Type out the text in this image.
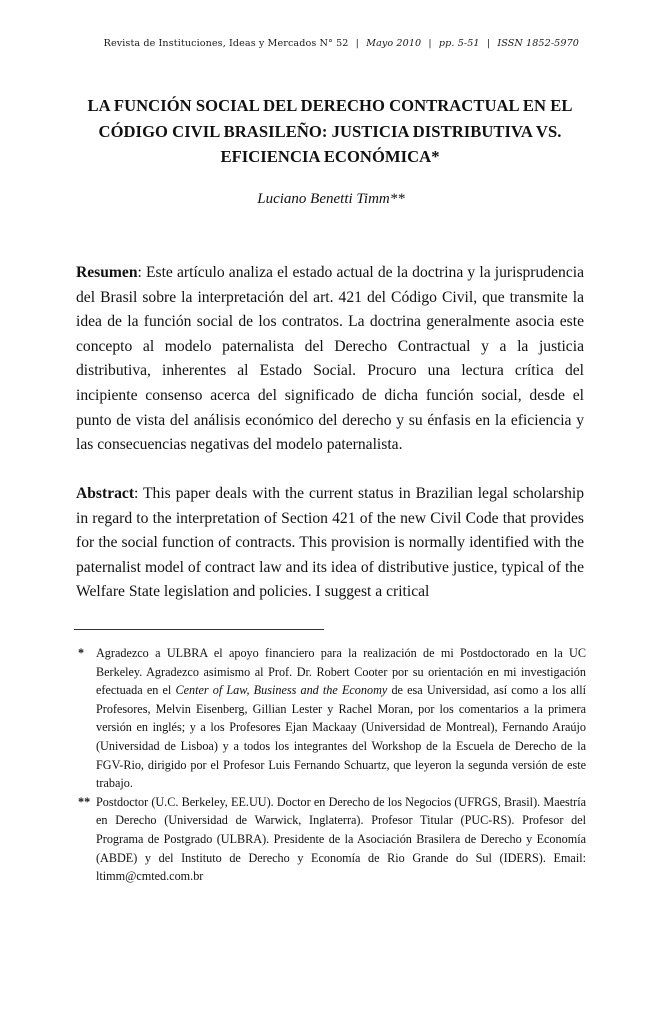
Revista de Instituciones, Ideas y Mercados N° 52 | Mayo 2010 | pp. 5-51 | ISSN 1852-5970
LA FUNCIÓN SOCIAL DEL DERECHO CONTRACTUAL EN EL CÓDIGO CIVIL BRASILEÑO: JUSTICIA DISTRIBUTIVA VS. EFICIENCIA ECONÓMICA*
Luciano Benetti Timm**

Resumen: Este artículo analiza el estado actual de la doctrina y la jurisprudencia del Brasil sobre la interpretación del art. 421 del Código Civil, que transmite la idea de la función social de los contratos. La doctrina generalmente asocia este concepto al modelo paternalista del Derecho Contractual y a la justicia distributiva, inherentes al Estado Social. Procuro una lectura crítica del incipiente consenso acerca del significado de dicha función social, desde el punto de vista del análisis económico del derecho y su énfasis en la eficiencia y las consecuencias negativas del modelo paternalista.

Abstract: This paper deals with the current status in Brazilian legal scholarship in regard to the interpretation of Section 421 of the new Civil Code that provides for the social function of contracts. This provision is normally identified with the paternalist model of contract law and its idea of distributive justice, typical of the Welfare State legislation and policies. I suggest a critical

* Agradezco a ULBRA el apoyo financiero para la realización de mi Postdoctorado en la UC Berkeley. Agradezco asimismo al Prof. Dr. Robert Cooter por su orientación en mi investigación efectuada en el Center of Law, Business and the Economy de esa Universidad, así como a los allí Profesores, Melvin Eisenberg, Gillian Lester y Rachel Moran, por los comentarios a la primera versión en inglés; y a los Profesores Ejan Mackaay (Universidad de Montreal), Fernando Araújo (Universidad de Lisboa) y a todos los integrantes del Workshop de la Escuela de Derecho de la FGV-Rio, dirigido por el Profesor Luis Fernando Schuartz, que leyeron la segunda versión de este trabajo.

** Postdoctor (U.C. Berkeley, EE.UU). Doctor en Derecho de los Negocios (UFRGS, Brasil). Maestría en Derecho (Universidad de Warwick, Inglaterra). Profesor Titular (PUC-RS). Profesor del Programa de Postgrado (ULBRA). Presidente de la Asociación Brasilera de Derecho y Economía (ABDE) y del Instituto de Derecho y Economía de Rio Grande do Sul (IDERS). Email: ltimm@cmted.com.br
